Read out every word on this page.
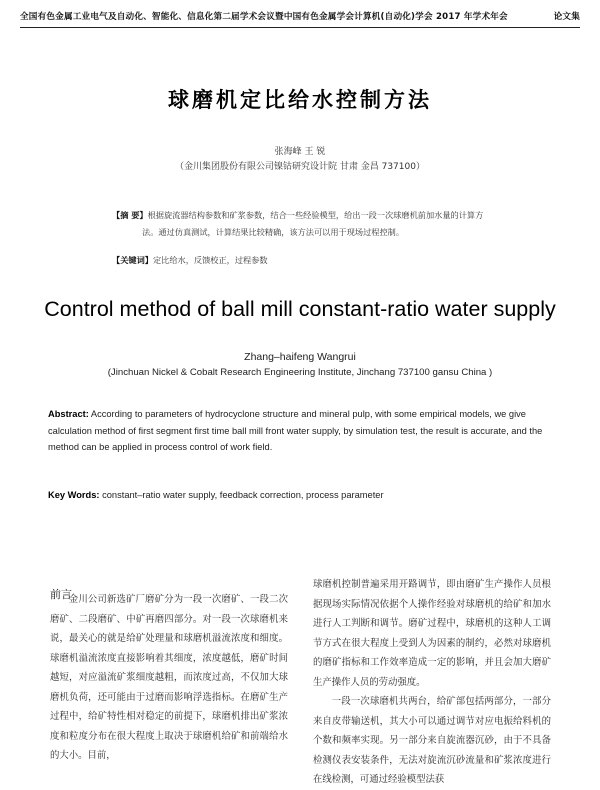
全国有色金属工业电气及自动化、智能化、信息化第二届学术会议暨中国有色金属学会计算机(自动化)学会 2017 年学术年会	论文集
球磨机定比给水控制方法
张海峰 王 锐
（金川集团股份有限公司镍钴研究设计院 甘肃 金昌 737100）
【摘 要】根据旋流器结构参数和矿浆参数，结合一些经验模型，给出一段一次球磨机前加水量的计算方
法。通过仿真测试，计算结果比较精确，该方法可以用于现场过程控制。
【关键词】定比给水，反馈校正，过程参数
Control method of ball mill constant-ratio water supply
Zhang–haifeng Wangrui
(Jinchuan Nickel & Cobalt Research Engineering Institute, Jinchang 737100 gansu China )
Abstract: According to parameters of hydrocyclone structure and mineral pulp, with some empirical models, we give calculation method of first segment first time ball mill front water supply, by simulation test, the result is accurate, and the method can be applied in process control of work field.
Key Words: constant–ratio water supply, feedback correction, process parameter
前言

金川公司新选矿厂磨矿分为一段一次磨矿、一段二次磨矿、二段磨矿、中矿再磨四部分。对一段一次球磨机来说，最关心的就是给矿处理量和球磨机溢流浓度和细度。球磨机溢流浓度直接影响着其细度，浓度越低，磨矿时间越短，对应溢流矿浆细度越粗，而浓度过高，不仅加大球磨机负荷，还可能由于过磨而影响浮选指标。在磨矿生产过程中，给矿特性相对稳定的前提下，球磨机排出矿浆浓度和粒度分布在很大程度上取决于球磨机给矿和前端给水的大小。目前，

球磨机控制普遍采用开路调节，即由磨矿生产操作人员根据现场实际情况依据个人操作经验对球磨机的给矿和加水进行人工判断和调节。磨矿过程中，球磨机的这种人工调节方式在很大程度上受到人为因素的制约，必然对球磨机的磨矿指标和工作效率造成一定的影响，并且会加大磨矿生产操作人员的劳动强度。

一段一次球磨机共两台，给矿部包括两部分，一部分来自皮带输送机，其大小可以通过调节对应电振给料机的个数和频率实现。另一部分来自旋流器沉砂，由于不具备检测仪表安装条件，无法对旋流沉砂流量和矿浆浓度进行在线检测，可通过经验模型法获
